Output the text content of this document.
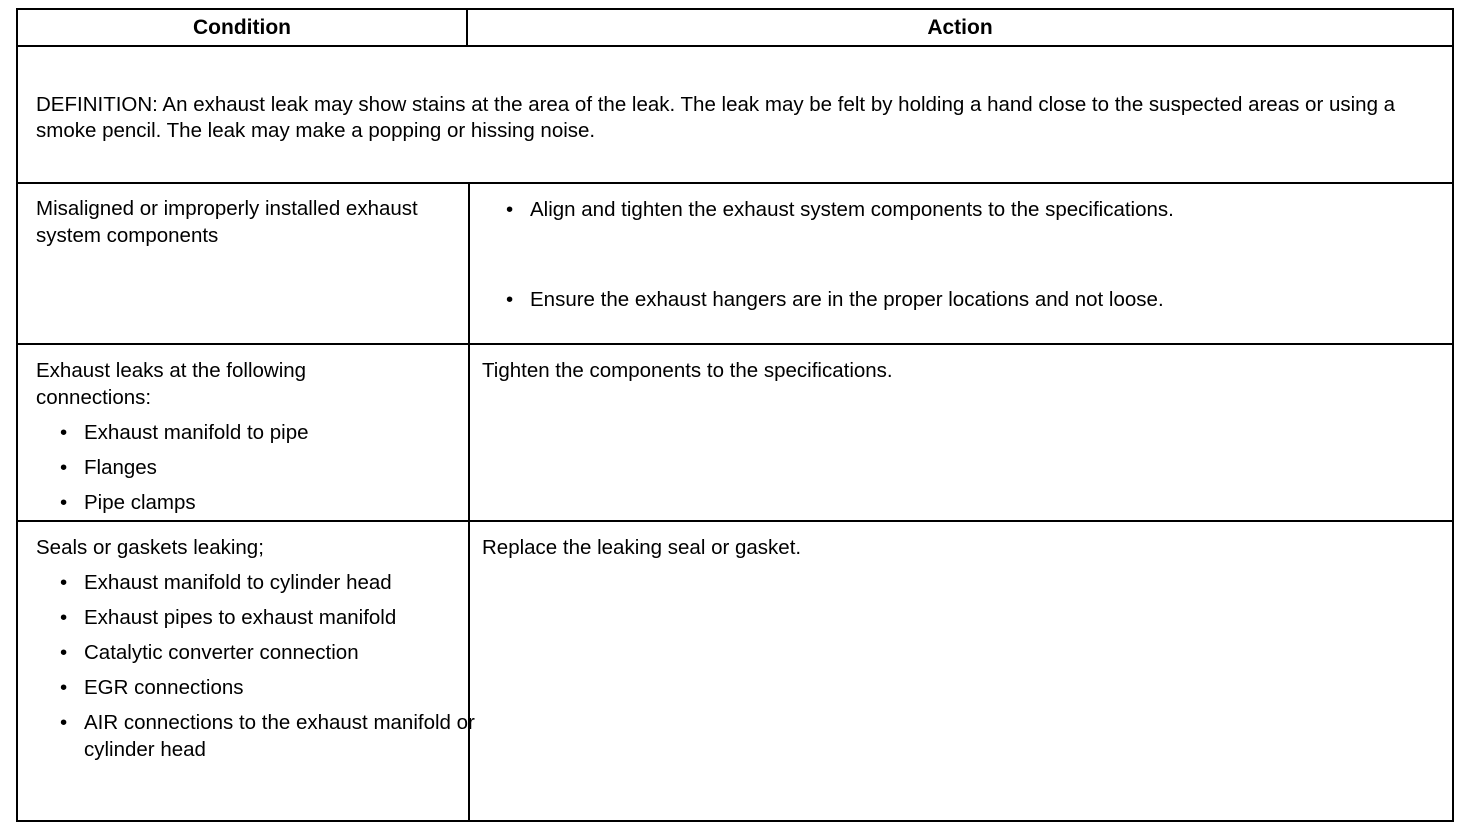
Condition	Action
DEFINITION: An exhaust leak may show stains at the area of the leak. The leak may be felt by holding a hand close to the suspected areas or using a smoke pencil. The leak may make a popping or hissing noise.
Misaligned or improperly installed exhaust system components
• Align and tighten the exhaust system components to the specifications.
• Ensure the exhaust hangers are in the proper locations and not loose.
Exhaust leaks at the following connections:
• Exhaust manifold to pipe
• Flanges
• Pipe clamps
Tighten the components to the specifications.
Seals or gaskets leaking;
• Exhaust manifold to cylinder head
• Exhaust pipes to exhaust manifold
• Catalytic converter connection
• EGR connections
• AIR connections to the exhaust manifold or cylinder head
Replace the leaking seal or gasket.
